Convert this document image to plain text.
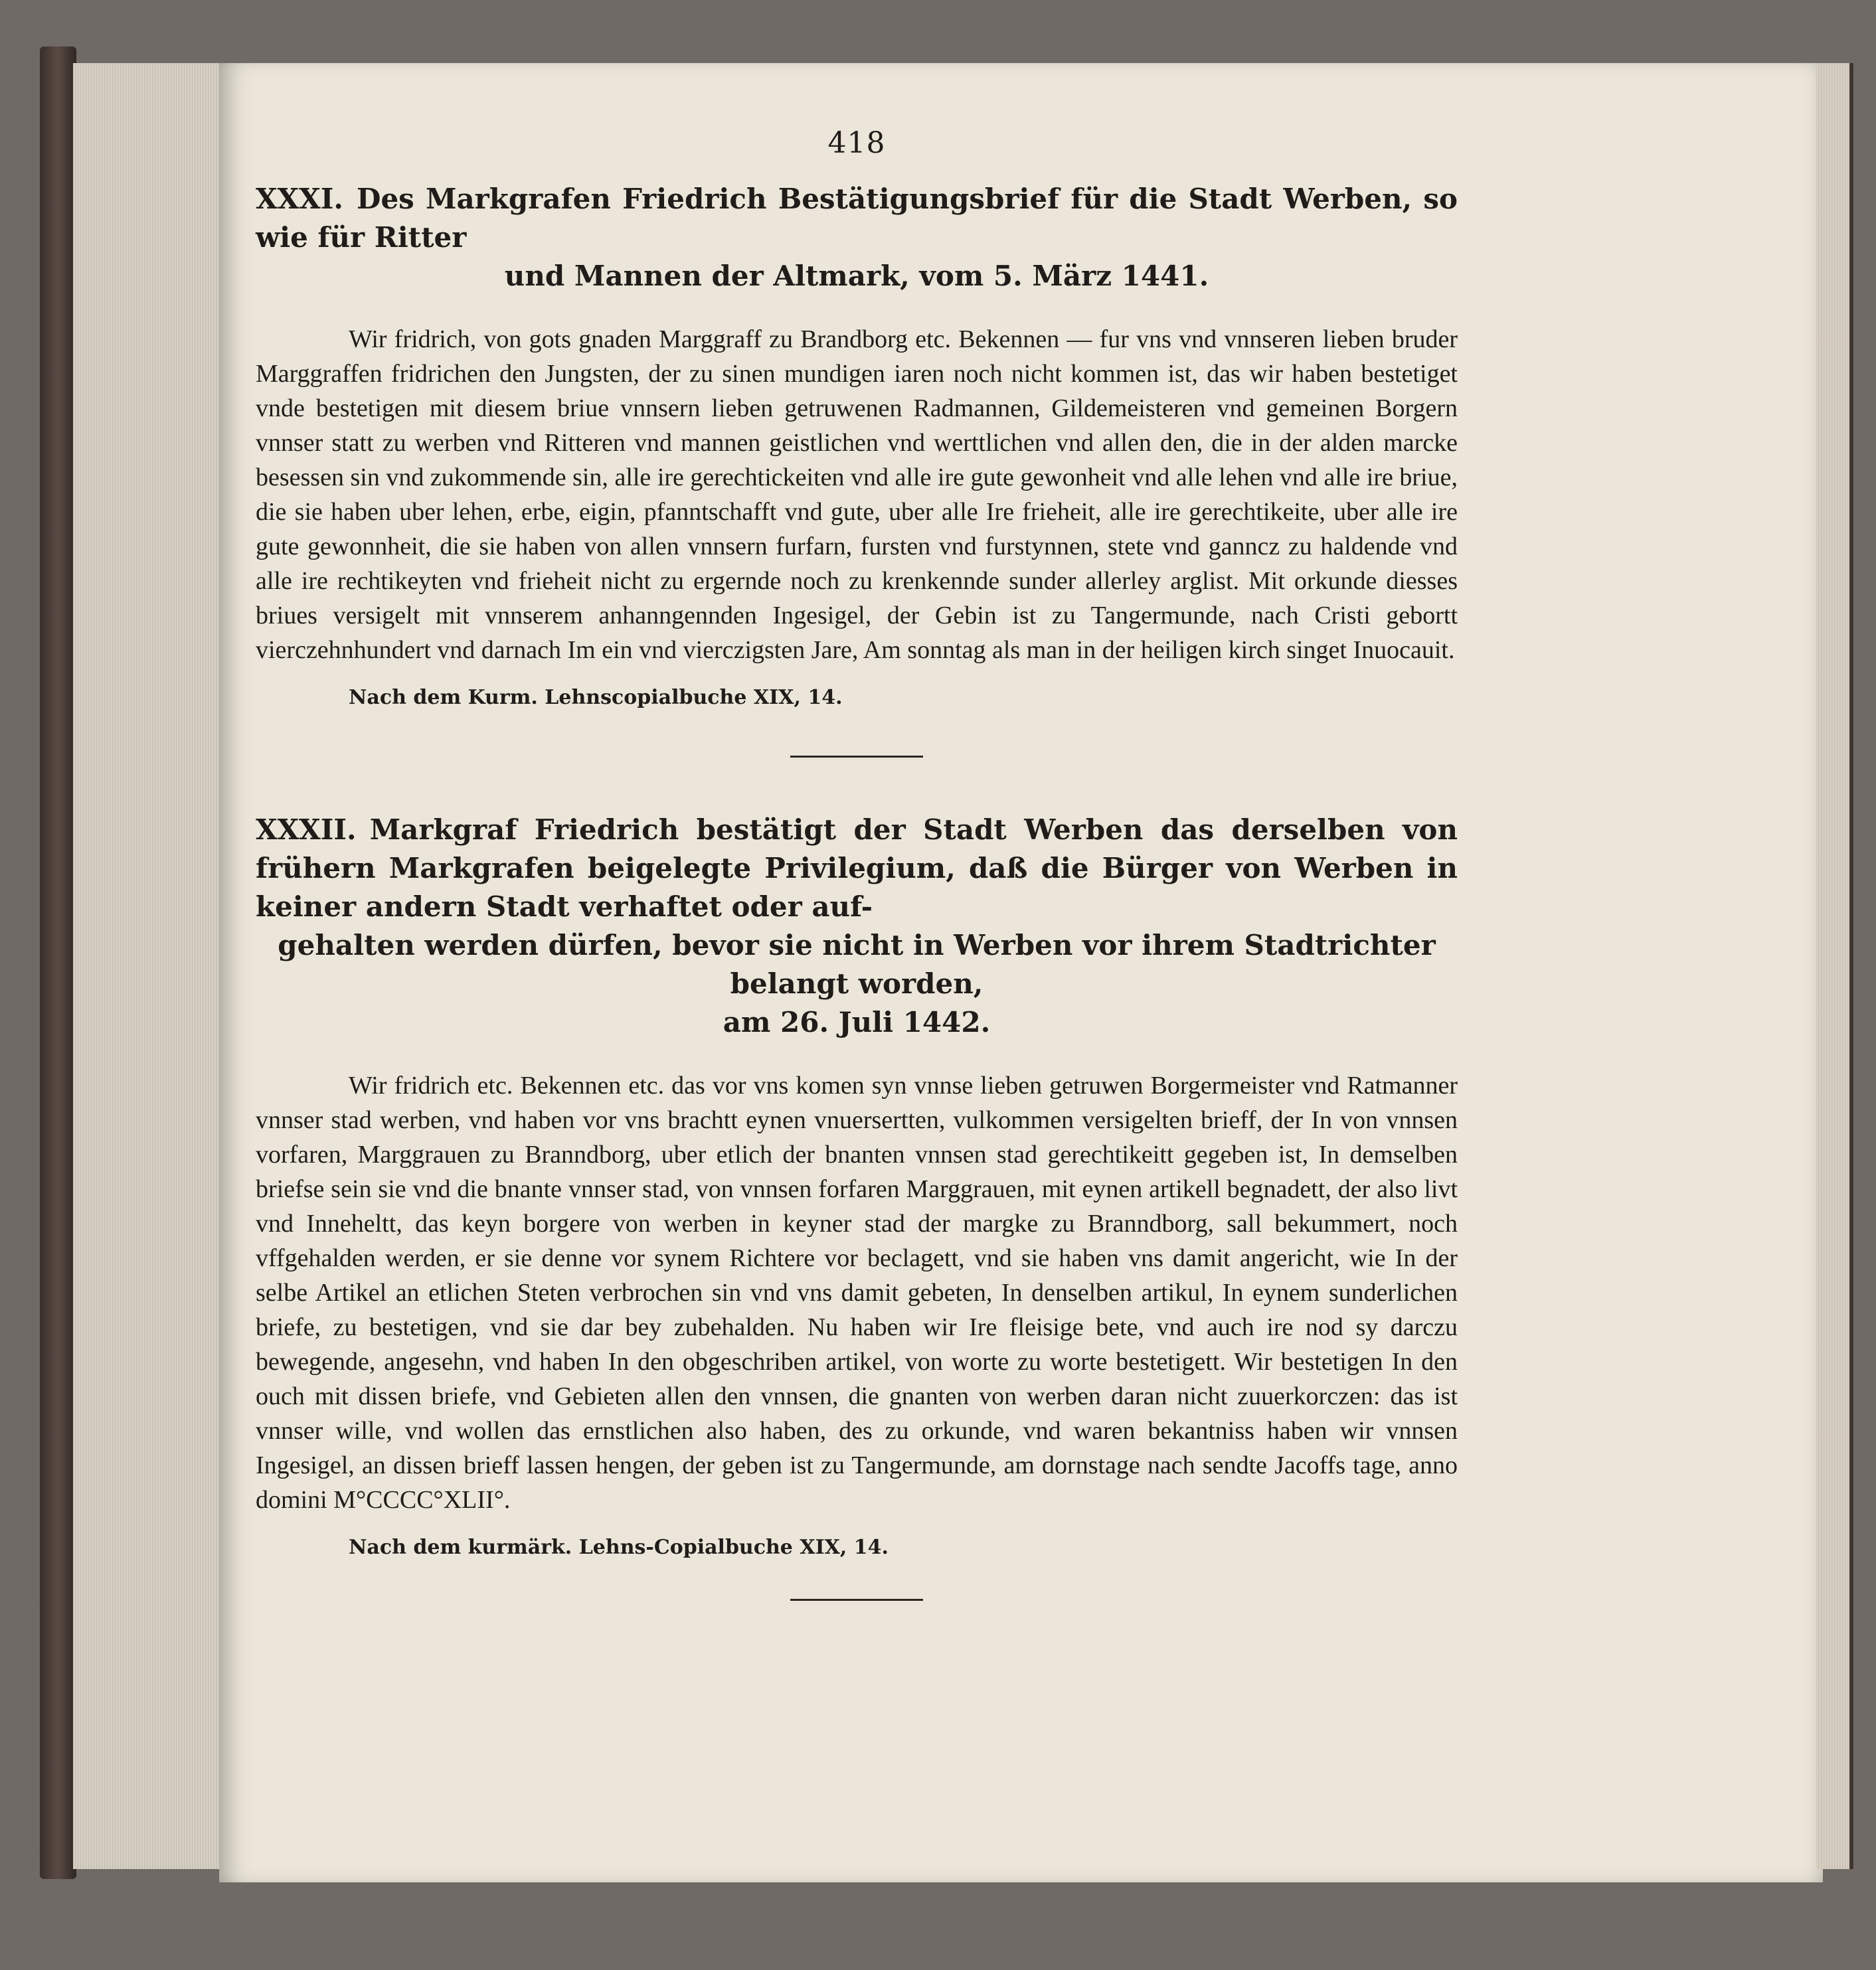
418
XXXI. Des Markgrafen Friedrich Bestätigungsbrief für die Stadt Werben, so wie für Ritter
und Mannen der Altmark, vom 5. März 1441.

Wir fridrich, von gots gnaden Marggraff zu Brandborg etc. Bekennen — fur vns vnd vnnseren lieben bruder Marggraffen fridrichen den Jungsten, der zu sinen mundigen iaren noch nicht kommen ist, das wir haben bestetiget vnde bestetigen mit diesem briue vnnsern lieben getruwenen Radmannen, Gildemeisteren vnd gemeinen Borgern vnnser statt zu werben vnd Ritteren vnd mannen geistlichen vnd werttlichen vnd allen den, die in der alden marcke besessen sin vnd zukommende sin, alle ire gerechtickeiten vnd alle ire gute gewonheit vnd alle lehen vnd alle ire briue, die sie haben uber lehen, erbe, eigin, pfanntschafft vnd gute, uber alle Ire frieheit, alle ire gerechtikeite, uber alle ire gute gewonnheit, die sie haben von allen vnnsern furfarn, fursten vnd furstynnen, stete vnd ganncz zu haldende vnd alle ire rechtikeyten vnd frieheit nicht zu ergernde noch zu krenkennde sunder allerley arglist. Mit orkunde diesses briues versigelt mit vnnserem anhanngennden Ingesigel, der Gebin ist zu Tangermunde, nach Cristi gebortt vierczehnhundert vnd darnach Im ein vnd vierczigsten Jare, Am sonntag als man in der heiligen kirch singet Inuocauit.

Nach dem Kurm. Lehnscopialbuche XIX, 14.
XXXII. Markgraf Friedrich bestätigt der Stadt Werben das derselben von frühern Markgrafen beigelegte Privilegium, daß die Bürger von Werben in keiner andern Stadt verhaftet oder auf-
gehalten werden dürfen, bevor sie nicht in Werben vor ihrem Stadtrichter belangt worden,
am 26. Juli 1442.

Wir fridrich etc. Bekennen etc. das vor vns komen syn vnnse lieben getruwen Borgermeister vnd Ratmanner vnnser stad werben, vnd haben vor vns brachtt eynen vnuersertten, vulkommen versigelten brieff, der In von vnnsen vorfaren, Marggrauen zu Branndborg, uber etlich der bnanten vnnsen stad gerechtikeitt gegeben ist, In demselben briefse sein sie vnd die bnante vnnser stad, von vnnsen forfaren Marggrauen, mit eynen artikell begnadett, der also livt vnd Inneheltt, das keyn borgere von werben in keyner stad der margke zu Branndborg, sall bekummert, noch vffgehalden werden, er sie denne vor synem Richtere vor beclagett, vnd sie haben vns damit angericht, wie In der selbe Artikel an etlichen Steten verbrochen sin vnd vns damit gebeten, In denselben artikul, In eynem sunderlichen briefe, zu bestetigen, vnd sie dar bey zubehalden. Nu haben wir Ire fleisige bete, vnd auch ire nod sy darczu bewegende, angesehn, vnd haben In den obgeschriben artikel, von worte zu worte bestetigett. Wir bestetigen In den ouch mit dissen briefe, vnd Gebieten allen den vnnsen, die gnanten von werben daran nicht zuuerkorczen: das ist vnnser wille, vnd wollen das ernstlichen also haben, des zu orkunde, vnd waren bekantniss haben wir vnnsen Ingesigel, an dissen brieff lassen hengen, der geben ist zu Tangermunde, am dornstage nach sendte Jacoffs tage, anno domini M°CCCC°XLII°.

Nach dem kurmärk. Lehns-Copialbuche XIX, 14.
